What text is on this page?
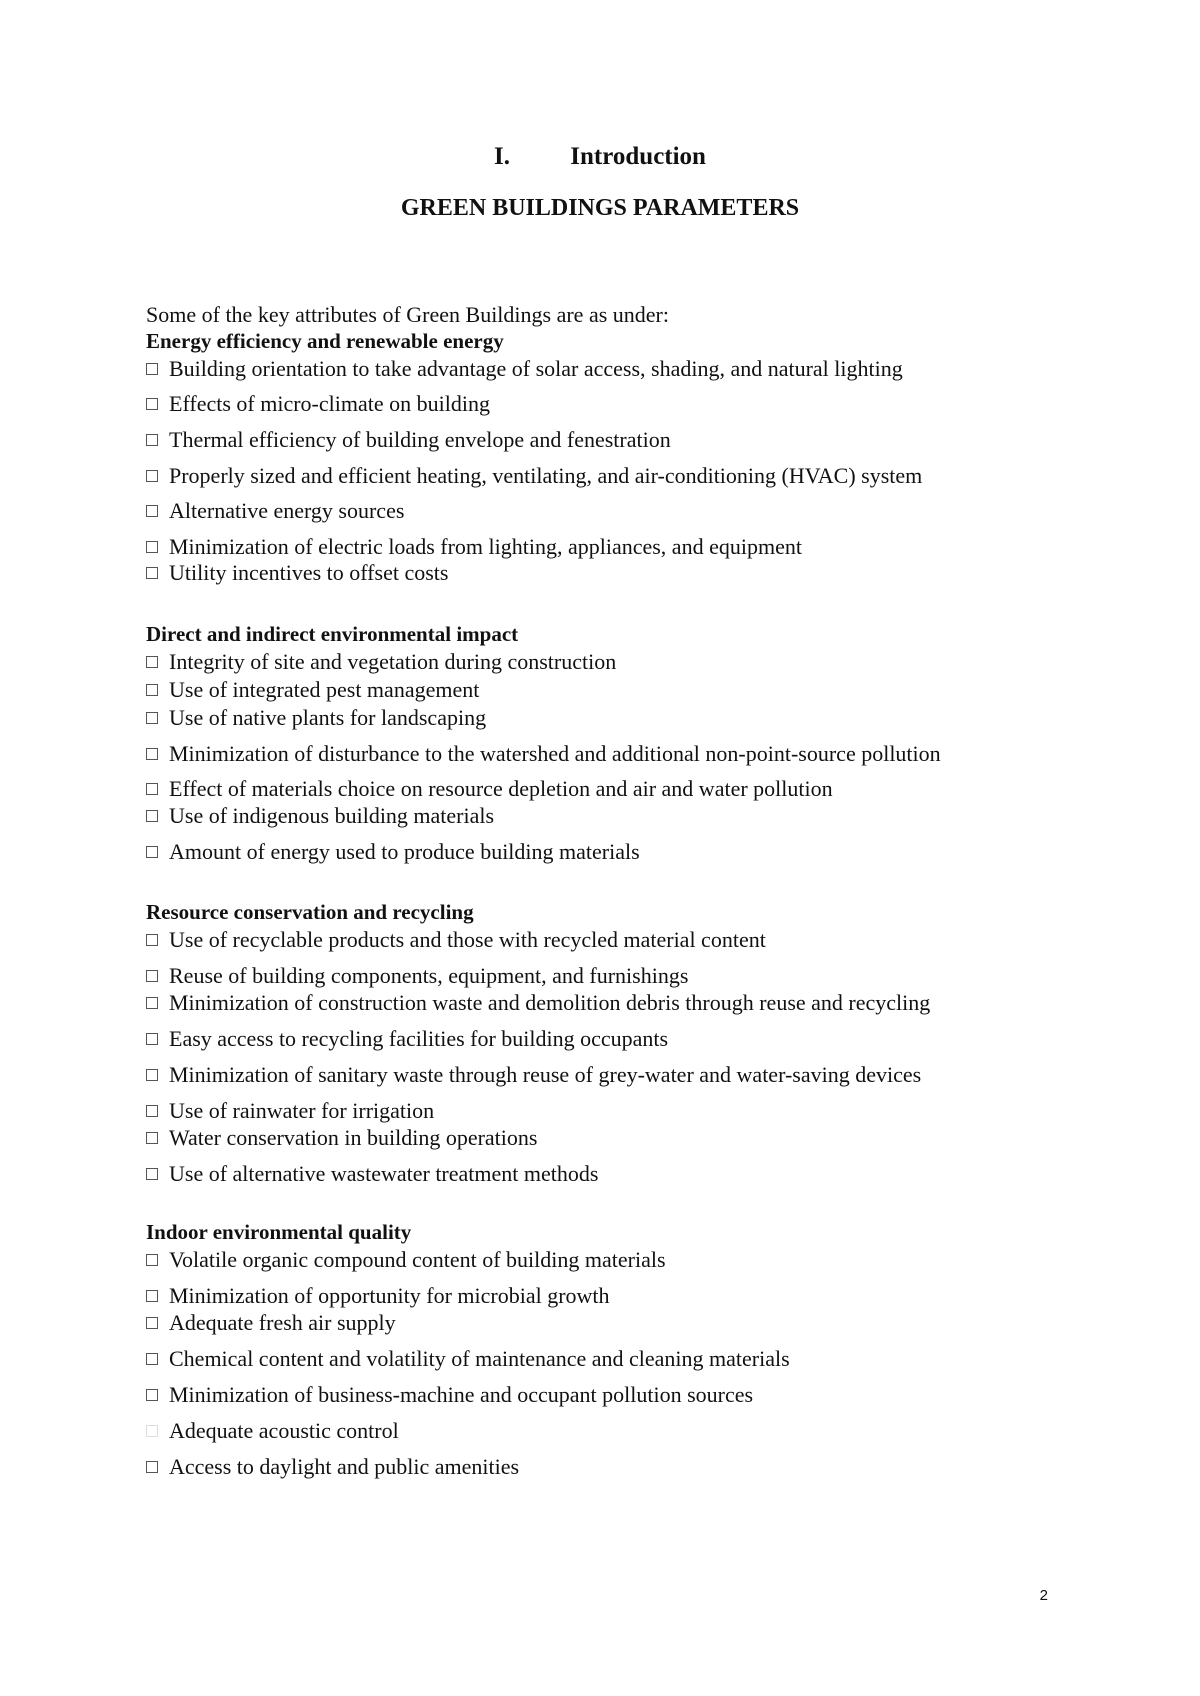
I. Introduction
GREEN BUILDINGS PARAMETERS
Some of the key attributes of Green Buildings are as under:
Energy efficiency and renewable energy
Building orientation to take advantage of solar access, shading, and natural lighting
Effects of micro-climate on building
Thermal efficiency of building envelope and fenestration
Properly sized and efficient heating, ventilating, and air-conditioning (HVAC) system
Alternative energy sources
Minimization of electric loads from lighting, appliances, and equipment
Utility incentives to offset costs
Direct and indirect environmental impact
Integrity of site and vegetation during construction
Use of integrated pest management
Use of native plants for landscaping
Minimization of disturbance to the watershed and additional non-point-source pollution
Effect of materials choice on resource depletion and air and water pollution
Use of indigenous building materials
Amount of energy used to produce building materials
Resource conservation and recycling
Use of recyclable products and those with recycled material content
Reuse of building components, equipment, and furnishings
Minimization of construction waste and demolition debris through reuse and recycling
Easy access to recycling facilities for building occupants
Minimization of sanitary waste through reuse of grey-water and water-saving devices
Use of rainwater for irrigation
Water conservation in building operations
Use of alternative wastewater treatment methods
Indoor environmental quality
Volatile organic compound content of building materials
Minimization of opportunity for microbial growth
Adequate fresh air supply
Chemical content and volatility of maintenance and cleaning materials
Minimization of business-machine and occupant pollution sources
Adequate acoustic control
Access to daylight and public amenities
2
